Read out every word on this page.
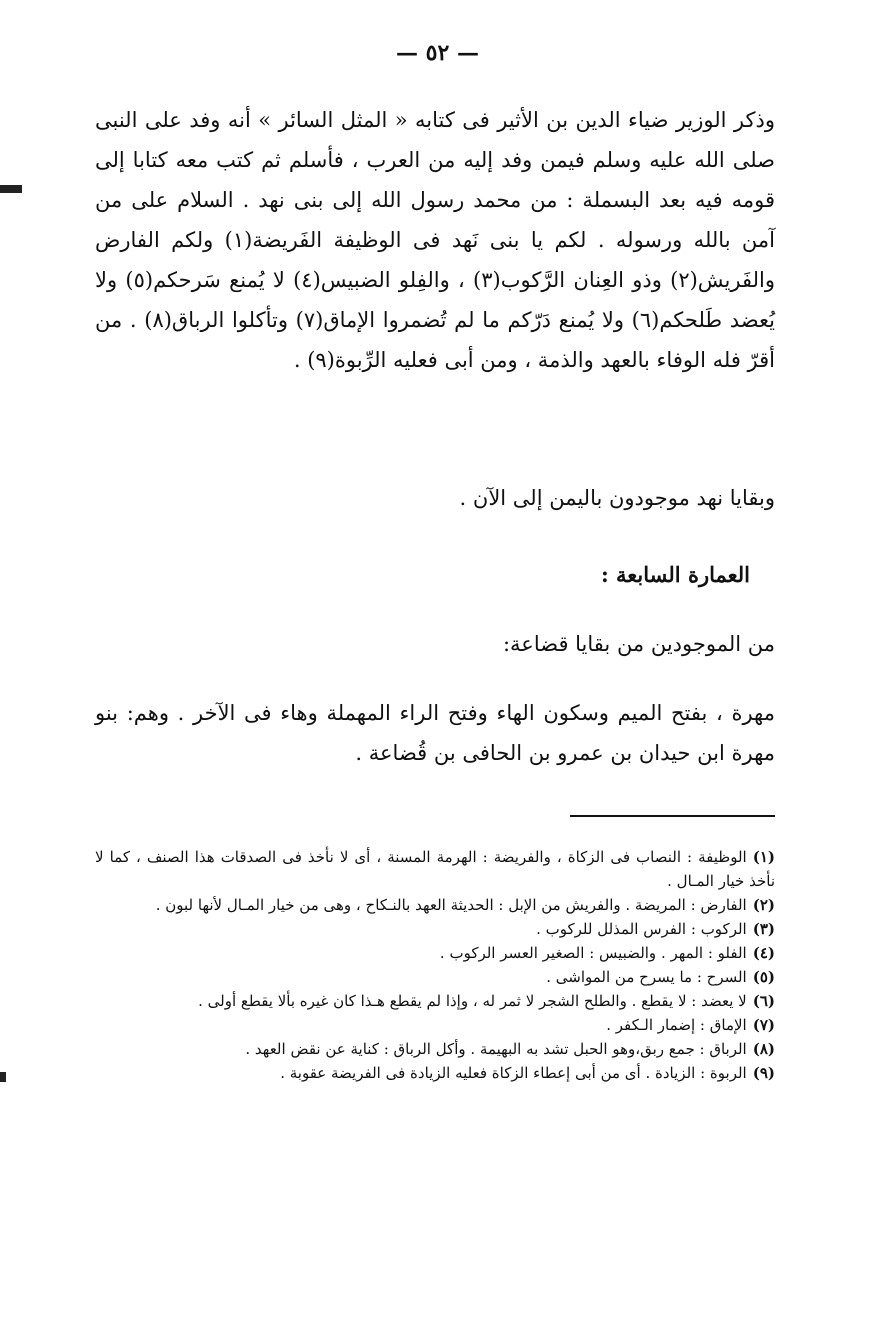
— ٥٢ —

وذكر الوزير ضياء الدين بن الأثير فى كتابه « المثل السائر » أنه وفد على النبى صلى الله عليه وسلم فيمن وفد إليه من العرب ، فأسلم ثم كتب معه كتابا إلى قومه فيه بعد البسملة : من محمد رسول الله إلى بنى نهد . السلام على من آمن بالله ورسوله . لكم يا بنى نَهد فى الوظيفة الفَريضة(١) ولكم الفارض والفَريش(٢) وذو العِنان الرَّكوب(٣) ، والفِلو الضبيس(٤) لا يُمنع سَرحكم(٥) ولا يُعضد طَلحكم(٦) ولا يُمنع دَرّكم ما لم تُضمروا الإماق(٧) وتأكلوا الرباق(٨) . من أقرّ فله الوفاء بالعهد والذمة ، ومن أبى فعليه الرِّبوة(٩) .

وبقايا نهد موجودون باليمن إلى الآن .

العمارة السابعة :

من الموجودين من بقايا قضاعة:

مهرة ، بفتح الميم وسكون الهاء وفتح الراء المهملة وهاء فى الآخر . وهم: بنو مهرة ابن حيدان بن عمرو بن الحافى بن قُضاعة .

(١)الوظيفة : النصاب فى الزكاة ، والفريضة : الهرمة المسنة ، أى لا نأخذ فى الصدقات هذا الصنف ، كما لا نأخذ خيار المـال .

(٢)الفارض : المريضة . والفريش من الإبل : الحديثة العهد بالنـكاح ، وهى من خيار المـال لأنها لبون .

(٣)الركوب : الفرس المذلل للركوب .

(٤)الفلو : المهر . والضبيس : الصغير العسر الركوب .

(٥)السرح : ما يسرح من المواشى .

(٦)لا يعضد : لا يقطع . والطلح الشجر لا ثمر له ، وإذا لم يقطع هـذا كان غيره بألا يقطع أولى .

(٧)الإماق : إضمار الـكفر .

(٨)الرباق : جمع ربق،وهو الحبل تشد به البهيمة . وأكل الرباق : كناية عن نقض العهد .

(٩)الربوة : الزيادة . أى من أبى إعطاء الزكاة فعليه الزيادة فى الفريضة عقوبة .
